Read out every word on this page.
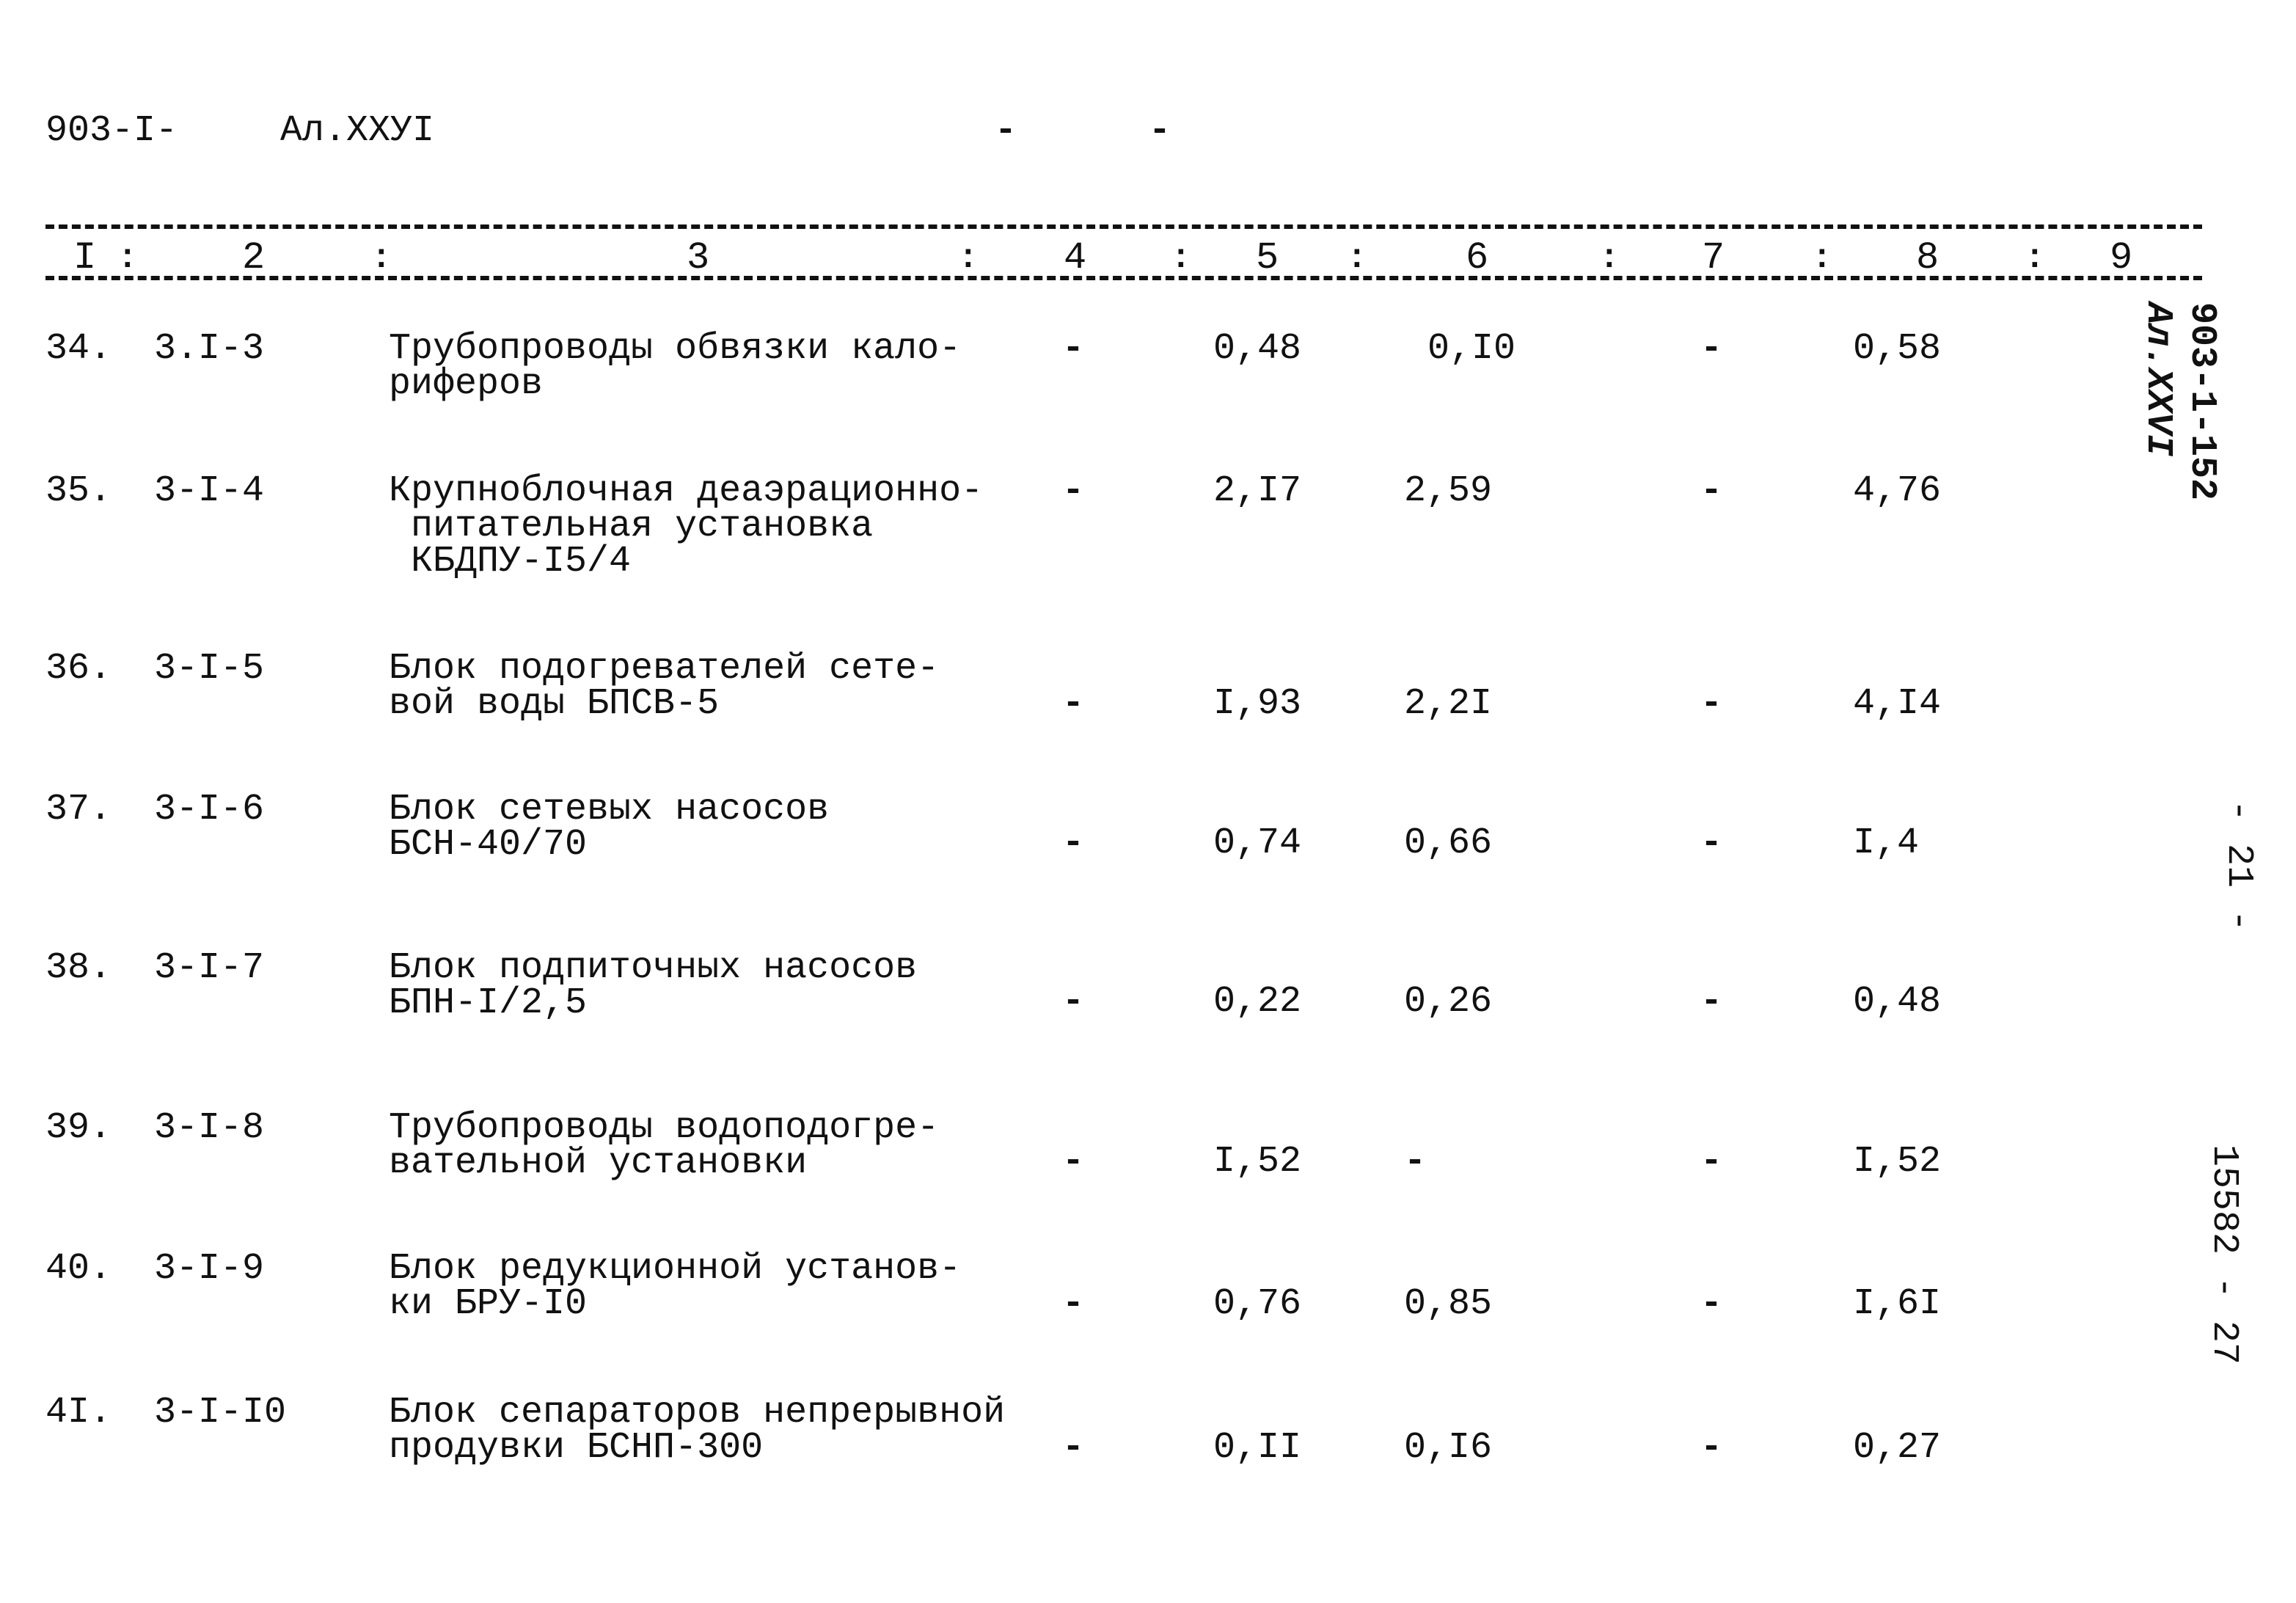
903-I-	Ал.XXУI	-	-
I :	2	:	3	: 4 : 5 :	6	: 7	: 8	: 9
34. 3.I-3	Трубопроводы обвязки кало-
риферов
-	0,48	0,I0	-	0,58
35. 3-I-4	Крупноблочная деаэрационно-
питательная установка
КБДПУ-I5/4
-	2,I7	2,59	-	4,76
36. 3-I-5	Блок подогревателей сете-
вой воды БПСВ-5	-	I,93	2,2I	-	4,I4
37. 3-I-6	Блок сетевых насосов
БСН-40/70	-	0,74	0,66	-	I,4
38. 3-I-7	Блок подпиточных насосов
БПН-I/2,5	-	0,22	0,26	-	0,48
39. 3-I-8	Трубопроводы водоподогре-
вательной установки	-	I,52	-	-	I,52
40. 3-I-9	Блок редукционной установ-
ки БРУ-I0	-	0,76	0,85	-	I,6I
4I. 3-I-I0	Блок сепараторов непрерывной
продувки БСНП-300	-	0,II	0,I6	-	0,27
903-1-152
Ал.XXVI
- 21 -
15582 - 27
